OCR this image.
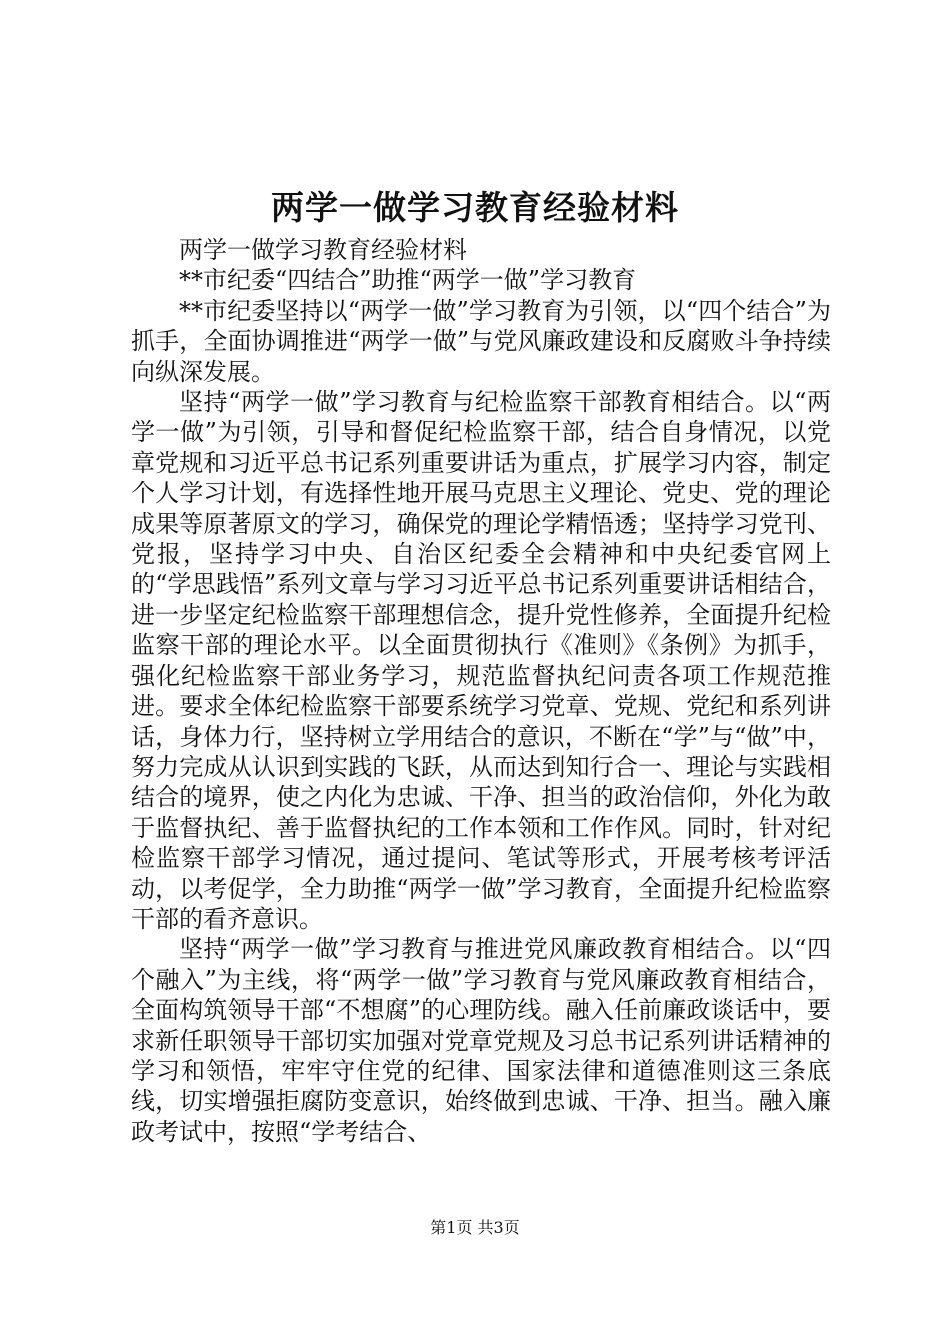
两学一做学习教育经验材料

两学一做学习教育经验材料

**市纪委“四结合”助推“两学一做”学习教育

**市纪委坚持以“两学一做”学习教育为引领，以“四个结合”为抓手，全面协调推进“两学一做”与党风廉政建设和反腐败斗争持续向纵深发展。

坚持“两学一做”学习教育与纪检监察干部教育相结合。以“两学一做”为引领，引导和督促纪检监察干部，结合自身情况，以党章党规和习近平总书记系列重要讲话为重点，扩展学习内容，制定个人学习计划，有选择性地开展马克思主义理论、党史、党的理论成果等原著原文的学习，确保党的理论学精悟透；坚持学习党刊、党报，坚持学习中央、自治区纪委全会精神和中央纪委官网上的“学思践悟”系列文章与学习习近平总书记系列重要讲话相结合，进一步坚定纪检监察干部理想信念，提升党性修养，全面提升纪检监察干部的理论水平。以全面贯彻执行《准则》《条例》为抓手，强化纪检监察干部业务学习，规范监督执纪问责各项工作规范推进。要求全体纪检监察干部要系统学习党章、党规、党纪和系列讲话，身体力行，坚持树立学用结合的意识，不断在“学”与“做”中，努力完成从认识到实践的飞跃，从而达到知行合一、理论与实践相结合的境界，使之内化为忠诚、干净、担当的政治信仰，外化为敢于监督执纪、善于监督执纪的工作本领和工作作风。同时，针对纪检监察干部学习情况，通过提问、笔试等形式，开展考核考评活动，以考促学，全力助推“两学一做”学习教育，全面提升纪检监察干部的看齐意识。

坚持“两学一做”学习教育与推进党风廉政教育相结合。以“四个融入”为主线，将“两学一做”学习教育与党风廉政教育相结合，全面构筑领导干部“不想腐”的心理防线。融入任前廉政谈话中，要求新任职领导干部切实加强对党章党规及习总书记系列讲话精神的学习和领悟，牢牢守住党的纪律、国家法律和道德准则这三条底线，切实增强拒腐防变意识，始终做到忠诚、干净、担当。融入廉政考试中，按照“学考结合、

第1页 共3页
